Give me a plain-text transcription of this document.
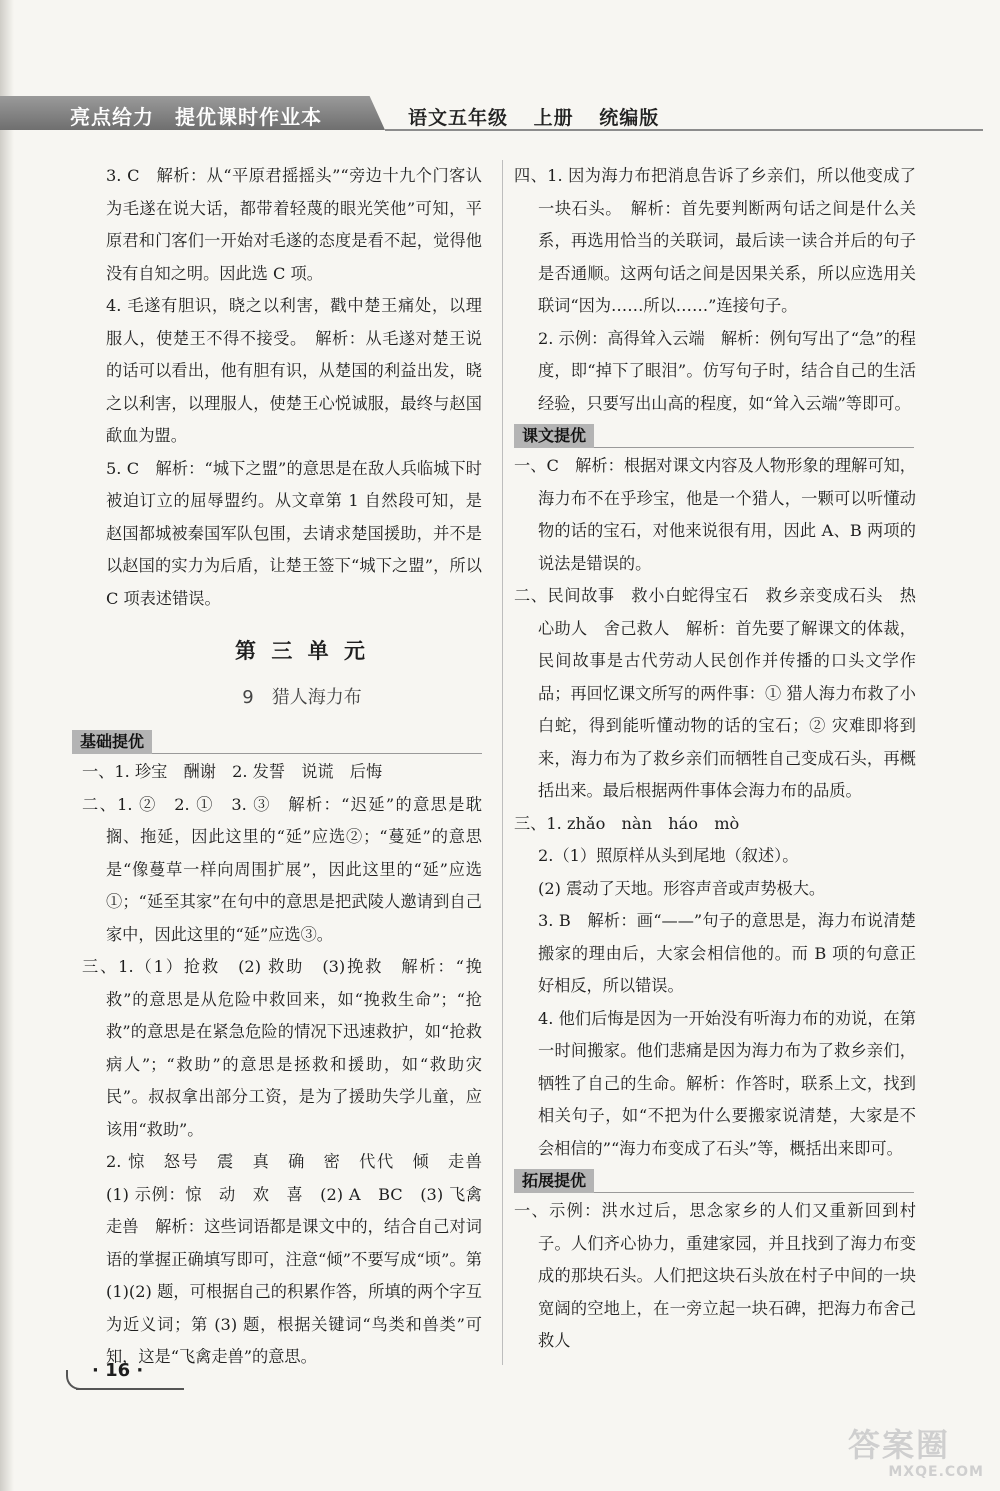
亮点给力　提优课时作业本	语文五年级 上册 统编版

3. C　解析：从“平原君摇摇头”“旁边十九个门客认为毛遂在说大话，都带着轻蔑的眼光笑他”可知，平原君和门客们一开始对毛遂的态度是看不起，觉得他没有自知之明。因此选 C 项。

4. 毛遂有胆识，晓之以利害，戳中楚王痛处，以理服人，使楚王不得不接受。　解析：从毛遂对楚王说的话可以看出，他有胆有识，从楚国的利益出发，晓之以利害，以理服人，使楚王心悦诚服，最终与赵国歃血为盟。

5. C　解析：“城下之盟”的意思是在敌人兵临城下时被迫订立的屈辱盟约。从文章第 1 自然段可知，是赵国都城被秦国军队包围，去请求楚国援助，并不是以赵国的实力为后盾，让楚王签下“城下之盟”，所以 C 项表述错误。

第 三 单 元
9　猎人海力布
基础提优

一、1. 珍宝　酬谢　2. 发誓　说谎　后悔

二、1. ②　2. ①　3. ③　解析：“迟延”的意思是耽搁、拖延，因此这里的“延”应选②；“蔓延”的意思是“像蔓草一样向周围扩展”，因此这里的“延”应选①；“延至其家”在句中的意思是把武陵人邀请到自己家中，因此这里的“延”应选③。

三、1.（1）抢救　(2) 救助　(3)挽救　解析：“挽救”的意思是从危险中救回来，如“挽救生命”；“抢救”的意思是在紧急危险的情况下迅速救护，如“抢救病人”；“救助”的意思是拯救和援助，如“救助灾民”。叔叔拿出部分工资，是为了援助失学儿童，应该用“救助”。

2. 惊　怒号　震　真　确　密　代代　倾　走兽　(1) 示例：惊　动　欢　喜　(2) A　BC　(3) 飞禽走兽　解析：这些词语都是课文中的，结合自己对词语的掌握正确填写即可，注意“倾”不要写成“顷”。第 (1)(2) 题，可根据自己的积累作答，所填的两个字互为近义词；第 (3) 题，根据关键词“鸟类和兽类”可知，这是“飞禽走兽”的意思。

四、1. 因为海力布把消息告诉了乡亲们，所以他变成了一块石头。　解析：首先要判断两句话之间是什么关系，再选用恰当的关联词，最后读一读合并后的句子是否通顺。这两句话之间是因果关系，所以应选用关联词“因为……所以……”连接句子。

2. 示例：高得耸入云端　解析：例句写出了“急”的程度，即“掉下了眼泪”。仿写句子时，结合自己的生活经验，只要写出山高的程度，如“耸入云端”等即可。

课文提优

一、C　解析：根据对课文内容及人物形象的理解可知，海力布不在乎珍宝，他是一个猎人，一颗可以听懂动物的话的宝石，对他来说很有用，因此 A、B 两项的说法是错误的。

二、民间故事　救小白蛇得宝石　救乡亲变成石头　热心助人　舍己救人　解析：首先要了解课文的体裁，民间故事是古代劳动人民创作并传播的口头文学作品；再回忆课文所写的两件事：① 猎人海力布救了小白蛇，得到能听懂动物的话的宝石；② 灾难即将到来，海力布为了救乡亲们而牺牲自己变成石头，再概括出来。最后根据两件事体会海力布的品质。

三、1. zhǎo　nàn　háo　mò

2.（1）照原样从头到尾地（叙述）。

(2) 震动了天地。形容声音或声势极大。

3. B　解析：画“——”句子的意思是，海力布说清楚搬家的理由后，大家会相信他的。而 B 项的句意正好相反，所以错误。

4. 他们后悔是因为一开始没有听海力布的劝说，在第一时间搬家。他们悲痛是因为海力布为了救乡亲们，牺牲了自己的生命。解析：作答时，联系上文，找到相关句子，如“不把为什么要搬家说清楚，大家是不会相信的”“海力布变成了石头”等，概括出来即可。

拓展提优

一、示例：洪水过后，思念家乡的人们又重新回到村子。人们齐心协力，重建家园，并且找到了海力布变成的那块石头。人们把这块石头放在村子中间的一块宽阔的空地上，在一旁立起一块石碑，把海力布舍己救人

· 16 ·
答案圈
MXQE.COM
